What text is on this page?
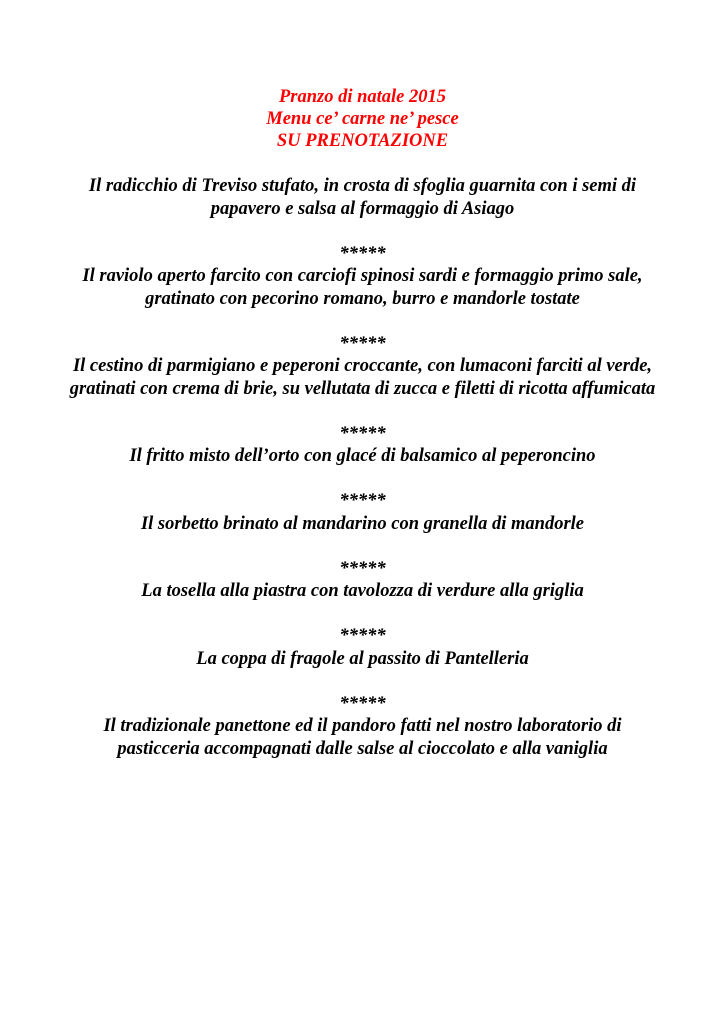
Pranzo di natale 2015
Menu ce’ carne ne’ pesce
SU PRENOTAZIONE

Il radicchio di Treviso stufato, in crosta di sfoglia guarnita con i semi di papavero e salsa al formaggio di Asiago

*****

Il raviolo aperto farcito con carciofi spinosi sardi e formaggio primo sale, gratinato con pecorino romano, burro e mandorle tostate

*****

Il cestino di parmigiano e peperoni croccante, con lumaconi farciti al verde, gratinati con crema di brie, su vellutata di zucca e filetti di ricotta affumicata

*****

Il fritto misto dell’orto con glacé di balsamico al peperoncino

*****

Il sorbetto brinato al mandarino con granella di mandorle

*****

La tosella alla piastra con tavolozza di verdure alla griglia

*****

La coppa di fragole al passito di Pantelleria

*****

Il tradizionale panettone ed il pandoro fatti nel nostro laboratorio di pasticceria accompagnati dalle salse al cioccolato e alla vaniglia
